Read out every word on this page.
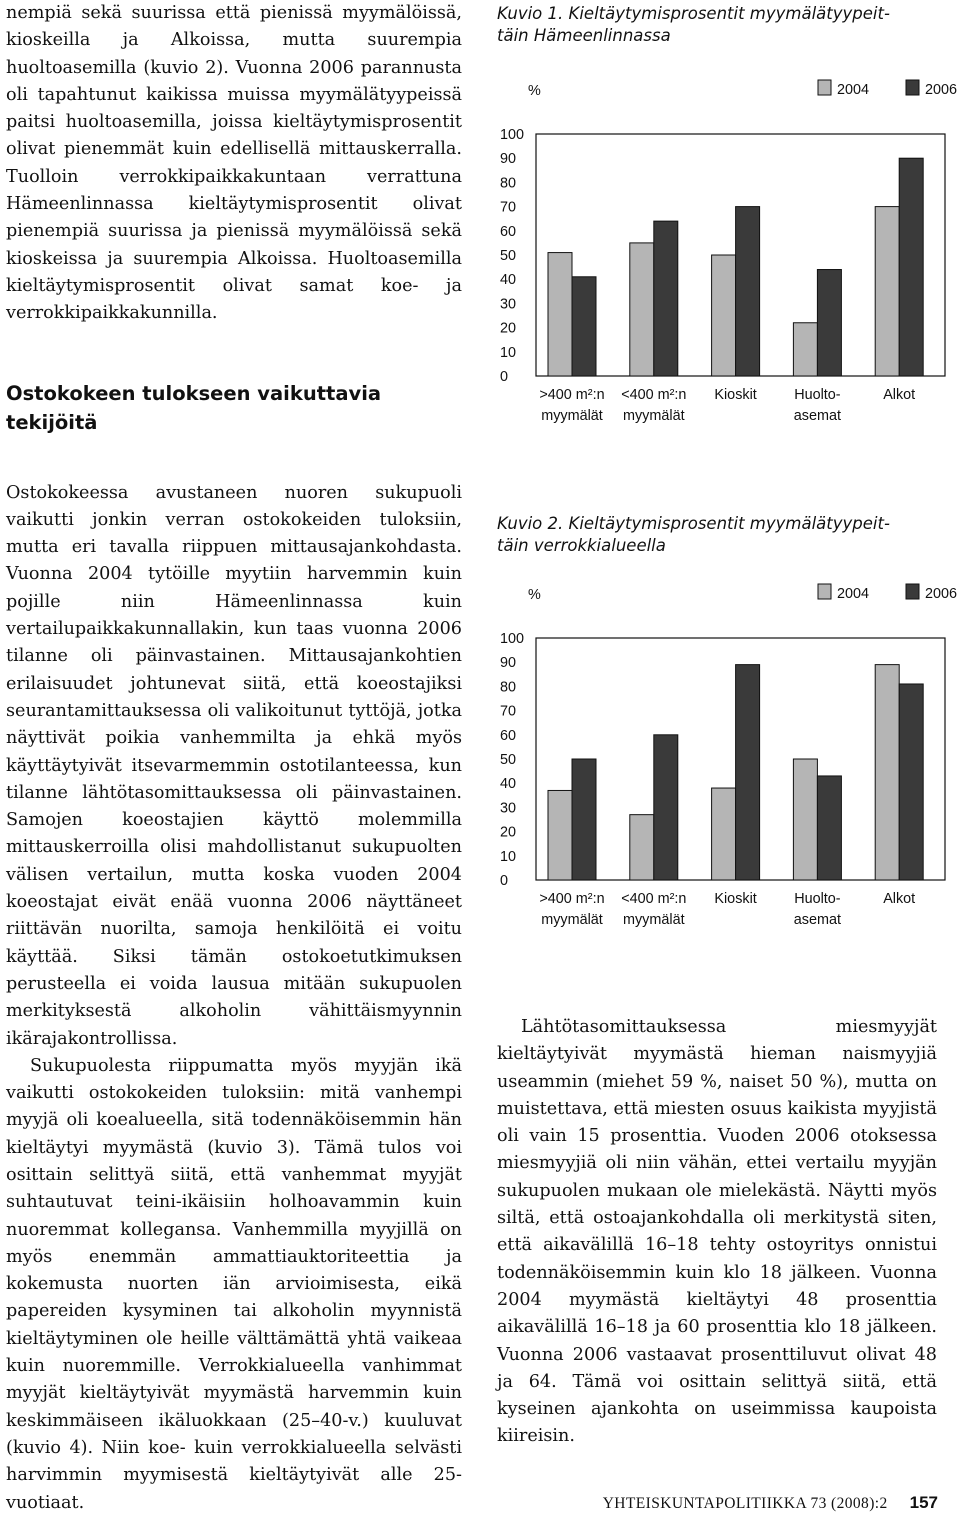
nempiä sekä suurissa että pienissä myymälöissä, kioskeilla ja Alkoissa, mutta suurempia huoltoasemilla (kuvio 2). Vuonna 2006 parannusta oli tapahtunut kaikissa muissa myymälätyypeissä paitsi huoltoasemilla, joissa kieltäytymisprosentit olivat pienemmät kuin edellisellä mittauskerralla. Tuolloin verrokkipaikkakuntaan verrattuna Hämeenlinnassa kieltäytymisprosentit olivat pienempiä suurissa ja pienissä myymälöissä sekä kioskeissa ja suurempia Alkoissa. Huoltoasemilla kieltäytymisprosentit olivat samat koe- ja verrokkipaikkakunnilla.

Ostokokeen tulokseen vaikuttavia tekijöitä

Ostokokeessa avustaneen nuoren sukupuoli vaikutti jonkin verran ostokokeiden tuloksiin, mutta eri tavalla riippuen mittausajankohdasta. Vuonna 2004 tytöille myytiin harvemmin kuin pojille niin Hämeenlinnassa kuin vertailupaikkakunnallakin, kun taas vuonna 2006 tilanne oli päinvastainen. Mittausajankohtien erilaisuudet johtunevat siitä, että koeostajiksi seurantamittauksessa oli valikoitunut tyttöjä, jotka näyttivät poikia vanhemmilta ja ehkä myös käyttäytyivät itsevarmemmin ostotilanteessa, kun tilanne lähtötasomittauksessa oli päinvastainen. Samojen koeostajien käyttö molemmilla mittauskerroilla olisi mahdollistanut sukupuolten välisen vertailun, mutta koska vuoden 2004 koeostajat eivät enää vuonna 2006 näyttäneet riittävän nuorilta, samoja henkilöitä ei voitu käyttää. Siksi tämän ostokoetutkimuksen perusteella ei voida lausua mitään sukupuolen merkityksestä alkoholin vähittäismyynnin ikärajakontrollissa.

Sukupuolesta riippumatta myös myyjän ikä vaikutti ostokokeiden tuloksiin: mitä vanhempi myyjä oli koealueella, sitä todennäköisemmin hän kieltäytyi myymästä (kuvio 3). Tämä tulos voi osittain selittyä siitä, että vanhemmat myyjät suhtautuvat teini-ikäisiin holhoavammin kuin nuoremmat kollegansa. Vanhemmilla myyjillä on myös enemmän ammattiauktoriteettia ja kokemusta nuorten iän arvioimisesta, eikä papereiden kysyminen tai alkoholin myynnistä kieltäytyminen ole heille välttämättä yhtä vaikeaa kuin nuoremmille. Verrokkialueella vanhimmat myyjät kieltäytyivät myymästä harvemmin kuin keskimmäiseen ikäluokkaan (25–40-v.) kuuluvat (kuvio 4). Niin koe- kuin verrokkialueella selvästi harvimmin myymisestä kieltäytyivät alle 25-vuotiaat.

Kuvio 1. Kieltäytymisprosentit myymälätyypeit-

täin Hämeenlinnassa

0
10
20
30
40
50
60
70
80
90
100
%
>400 m²:n
myymälät
<400 m²:n
myymälät
Kioskit	Huolto-
asemat
Alkot
2004	2006

Kuvio 2. Kieltäytymisprosentit myymälätyypeit-

täin verrokkialueella

0
10
20
30
40
50
60
70
80
90
100
%
>400 m²:n
myymälät
<400 m²:n
myymälät
Kioskit	Huolto-
asemat
Alkot
2004	2006

Lähtötasomittauksessa miesmyyjät kieltäytyivät myymästä hieman naismyyjiä useammin (miehet 59 %, naiset 50 %), mutta on muistettava, että miesten osuus kaikista myyjistä oli vain 15 prosenttia. Vuoden 2006 otoksessa miesmyyjiä oli niin vähän, ettei vertailu myyjän sukupuolen mukaan ole mielekästä. Näytti myös siltä, että ostoajankohdalla oli merkitystä siten, että aikavälillä 16–18 tehty ostoyritys onnistui todennäköisemmin kuin klo 18 jälkeen. Vuonna 2004 myymästä kieltäytyi 48 prosenttia aikavälillä 16–18 ja 60 prosenttia klo 18 jälkeen. Vuonna 2006 vastaavat prosenttiluvut olivat 48 ja 64. Tämä voi osittain selittyä siitä, että kyseinen ajankohta on useimmissa kaupoista kiireisin.

YHTEISKUNTAPOLITIIKKA 73 (2008):2 157
